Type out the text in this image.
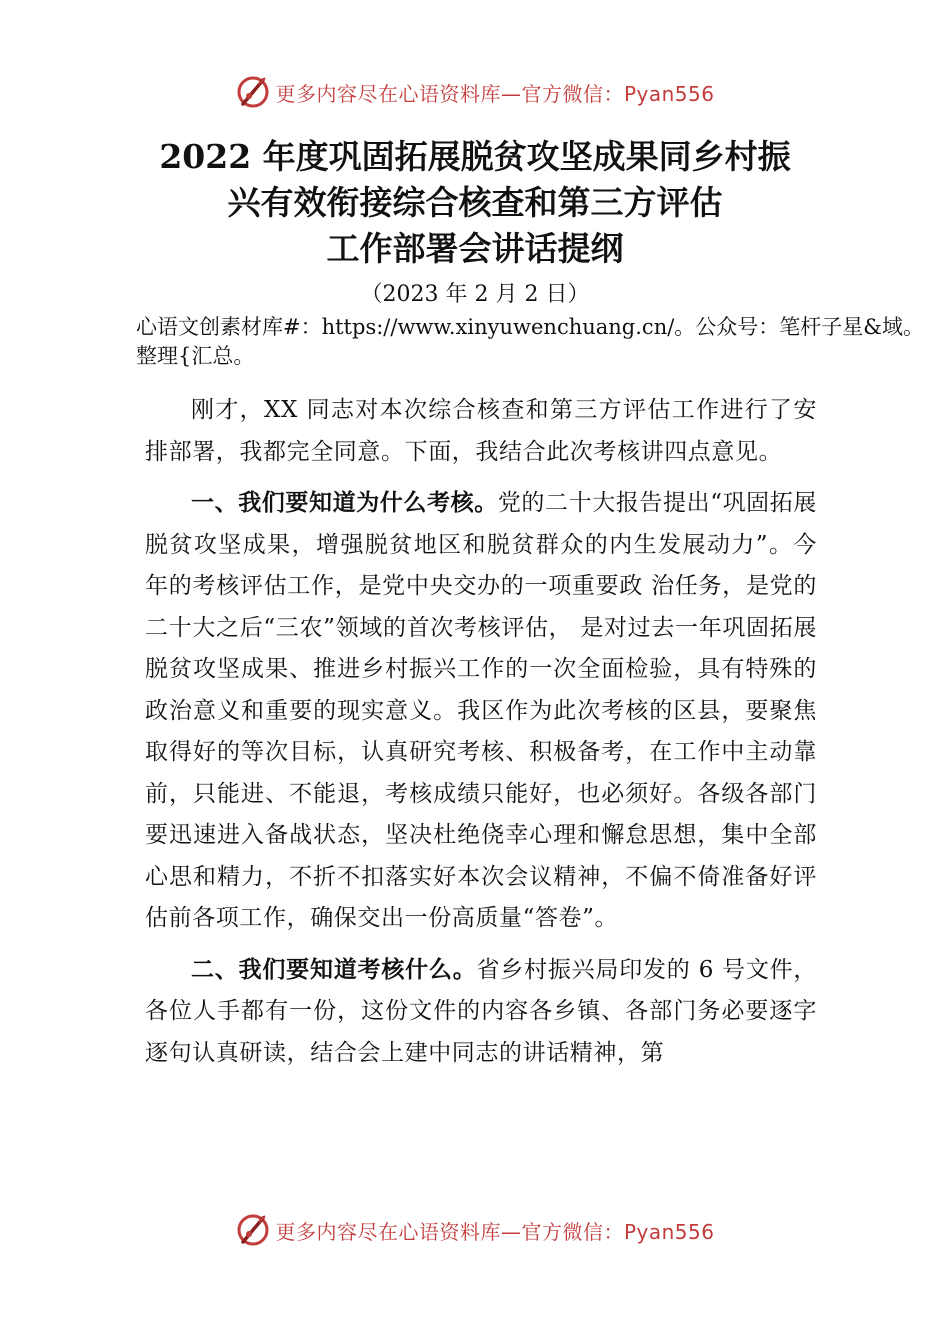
更多内容尽在心语资料库—官方微信：Pyan556
2022 年度巩固拓展脱贫攻坚成果同乡村振
兴有效衔接综合核查和第三方评估
工作部署会讲话提纲
（2023 年 2 月 2 日）
心语文创素材库#：https://www.xinyuwenchuang.cn/。公众号：笔杆子星&域。整理{汇总。

刚才，XX 同志对本次综合核查和第三方评估工作进行了安排部署，我都完全同意。下面，我结合此次考核讲四点意见。

一、我们要知道为什么考核。党的二十大报告提出“巩固拓展脱贫攻坚成果，增强脱贫地区和脱贫群众的内生发展动力”。今年的考核评估工作，是党中央交办的一项重要政 治任务，是党的二十大之后“三农”领域的首次考核评估， 是对过去一年巩固拓展脱贫攻坚成果、推进乡村振兴工作的一次全面检验，具有特殊的政治意义和重要的现实意义。我区作为此次考核的区县，要聚焦取得好的等次目标，认真研究考核、积极备考，在工作中主动靠前，只能进、不能退，考核成绩只能好，也必须好。各级各部门要迅速进入备战状态，坚决杜绝侥幸心理和懈怠思想，集中全部心思和精力，不折不扣落实好本次会议精神，不偏不倚准备好评估前各项工作，确保交出一份高质量“答卷”。

二、我们要知道考核什么。省乡村振兴局印发的 6 号文件，各位人手都有一份，这份文件的内容各乡镇、各部门务必要逐字逐句认真研读，结合会上建中同志的讲话精神，第

更多内容尽在心语资料库—官方微信：Pyan556
